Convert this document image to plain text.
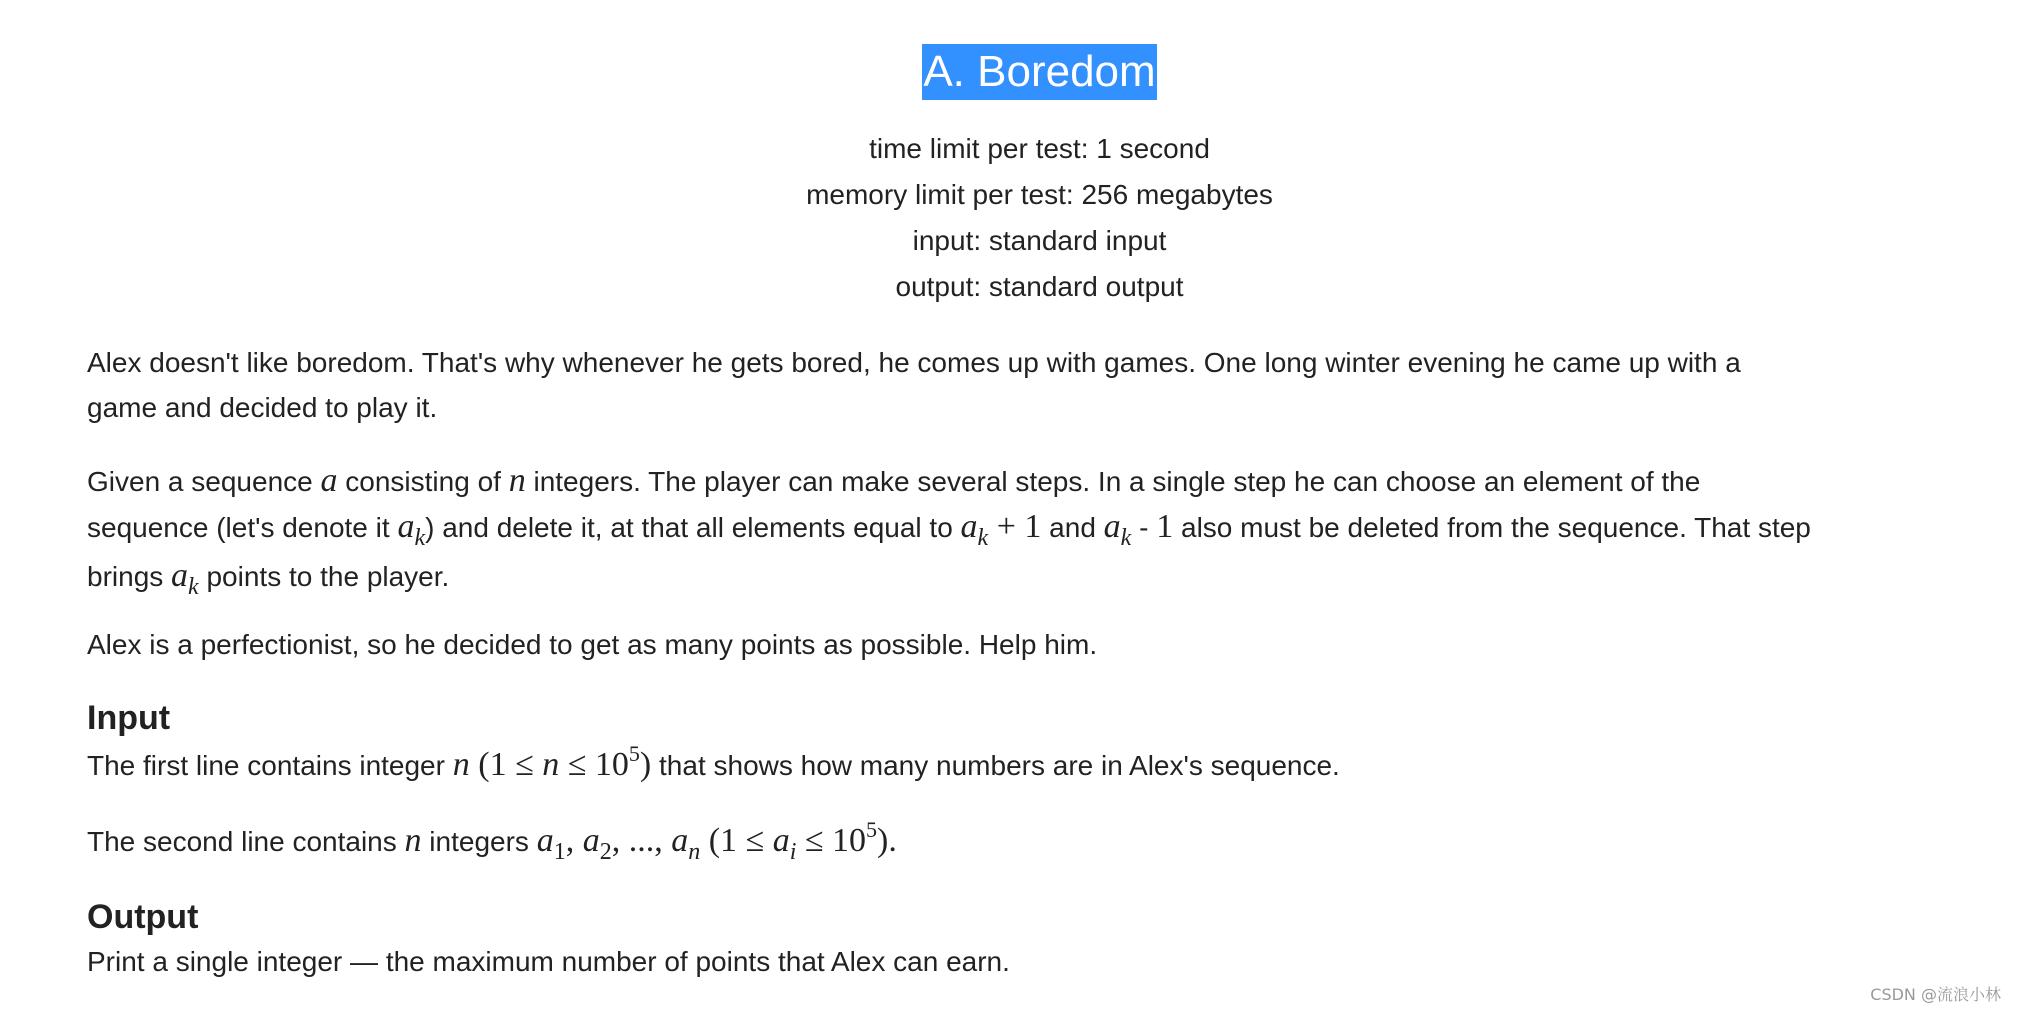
A. Boredom

time limit per test: 1 second

memory limit per test: 256 megabytes

input: standard input

output: standard output

Alex doesn't like boredom. That's why whenever he gets bored, he comes up with games. One long winter evening he came up with a
game and decided to play it.
Given a sequence a consisting of n integers. The player can make several steps. In a single step he can choose an element of the
sequence (let's denote it ak) and delete it, at that all elements equal to ak + 1 and ak - 1 also must be deleted from the sequence. That step
brings ak points to the player.
Alex is a perfectionist, so he decided to get as many points as possible. Help him.
Input
The first line contains integer n $(1 \le n \le 10^5)$ that shows how many numbers are in Alex's sequence.
The second line contains n integers a1, a2, ..., an (1 ≤ ai ≤ $10^5$).
Output
Print a single integer — the maximum number of points that Alex can earn.
CSDN @流浪小林
